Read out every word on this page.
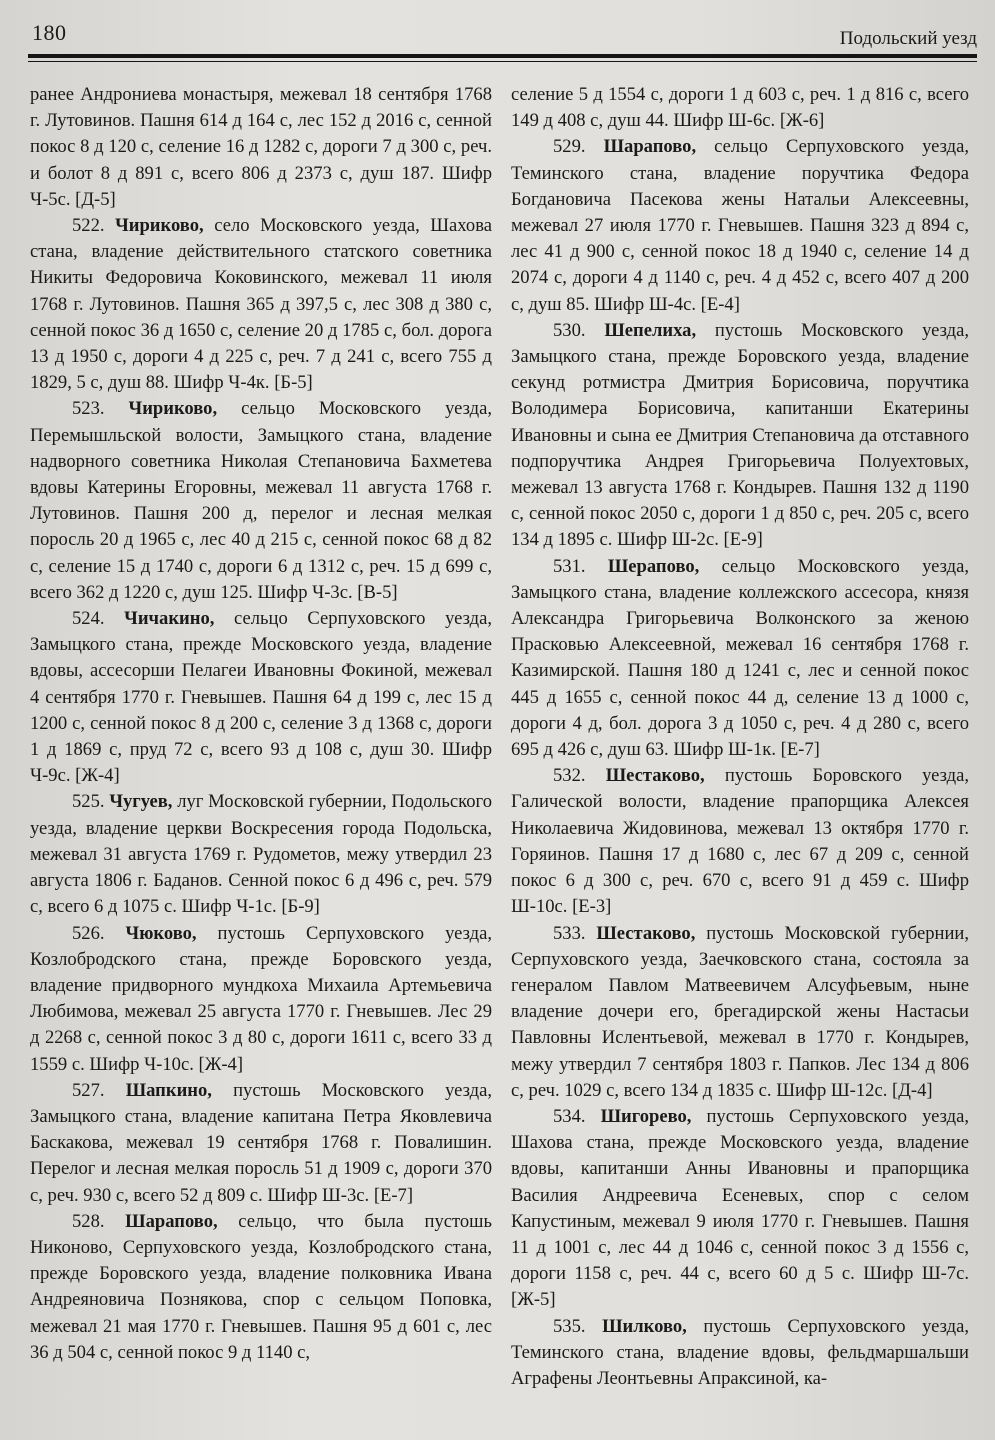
180	Подольский уезд

ранее Андрониева монастыря, межевал 18 сентября 1768 г. Лутовинов. Пашня 614 д 164 с, лес 152 д 2016 с, сенной покос 8 д 120 с, селение 16 д 1282 с, дороги 7 д 300 с, реч. и болот 8 д 891 с, всего 806 д 2373 с, душ 187. Шифр Ч-5с. [Д-5]

522. Чириково, село Московского уезда, Шахова стана, владение действительного статского советника Никиты Федоровича Коковинского, межевал 11 июля 1768 г. Лутовинов. Пашня 365 д 397,5 с, лес 308 д 380 с, сенной покос 36 д 1650 с, селение 20 д 1785 с, бол. дорога 13 д 1950 с, дороги 4 д 225 с, реч. 7 д 241 с, всего 755 д 1829, 5 с, душ 88. Шифр Ч-4к. [Б-5]

523. Чириково, сельцо Московского уезда, Перемышльской волости, Замыцкого стана, владение надворного советника Николая Степановича Бахметева вдовы Катерины Егоровны, межевал 11 августа 1768 г. Лутовинов. Пашня 200 д, перелог и лесная мелкая поросль 20 д 1965 с, лес 40 д 215 с, сенной покос 68 д 82 с, селение 15 д 1740 с, дороги 6 д 1312 с, реч. 15 д 699 с, всего 362 д 1220 с, душ 125. Шифр Ч-3с. [В-5]

524. Чичакино, сельцо Серпуховского уезда, Замыцкого стана, прежде Московского уезда, владение вдовы, ассесорши Пелагеи Ивановны Фокиной, межевал 4 сентября 1770 г. Гневышев. Пашня 64 д 199 с, лес 15 д 1200 с, сенной покос 8 д 200 с, селение 3 д 1368 с, дороги 1 д 1869 с, пруд 72 с, всего 93 д 108 с, душ 30. Шифр Ч-9с. [Ж-4]

525. Чугуев, луг Московской губернии, Подольского уезда, владение церкви Воскресения города Подольска, межевал 31 августа 1769 г. Рудометов, межу утвердил 23 августа 1806 г. Баданов. Сенной покос 6 д 496 с, реч. 579 с, всего 6 д 1075 с. Шифр Ч-1с. [Б-9]

526. Чюково, пустошь Серпуховского уезда, Козлобродского стана, прежде Боровского уезда, владение придворного мундкоха Михаила Артемьевича Любимова, межевал 25 августа 1770 г. Гневышев. Лес 29 д 2268 с, сенной покос 3 д 80 с, дороги 1611 с, всего 33 д 1559 с. Шифр Ч-10с. [Ж-4]

527. Шапкино, пустошь Московского уезда, Замыцкого стана, владение капитана Петра Яковлевича Баскакова, межевал 19 сентября 1768 г. Повалишин. Перелог и лесная мелкая поросль 51 д 1909 с, дороги 370 с, реч. 930 с, всего 52 д 809 с. Шифр Ш-3с. [Е-7]

528. Шарапово, сельцо, что была пустошь Никоново, Серпуховского уезда, Козлобродского стана, прежде Боровского уезда, владение полковника Ивана Андреяновича Познякова, спор с сельцом Поповка, межевал 21 мая 1770 г. Гневышев. Пашня 95 д 601 с, лес 36 д 504 с, сенной покос 9 д 1140 с,

селение 5 д 1554 с, дороги 1 д 603 с, реч. 1 д 816 с, всего 149 д 408 с, душ 44. Шифр Ш-6с. [Ж-6]

529. Шарапово, сельцо Серпуховского уезда, Теминского стана, владение поручтика Федора Богдановича Пасекова жены Натальи Алексеевны, межевал 27 июля 1770 г. Гневышев. Пашня 323 д 894 с, лес 41 д 900 с, сенной покос 18 д 1940 с, селение 14 д 2074 с, дороги 4 д 1140 с, реч. 4 д 452 с, всего 407 д 200 с, душ 85. Шифр Ш-4с. [Е-4]

530. Шепелиха, пустошь Московского уезда, Замыцкого стана, прежде Боровского уезда, владение секунд ротмистра Дмитрия Борисовича, поручтика Володимера Борисовича, капитанши Екатерины Ивановны и сына ее Дмитрия Степановича да отставного подпоручтика Андрея Григорьевича Полуехтовых, межевал 13 августа 1768 г. Кондырев. Пашня 132 д 1190 с, сенной покос 2050 с, дороги 1 д 850 с, реч. 205 с, всего 134 д 1895 с. Шифр Ш-2с. [Е-9]

531. Шерапово, сельцо Московского уезда, Замыцкого стана, владение коллежского ассесора, князя Александра Григорьевича Волконского за женою Прасковью Алексеевной, межевал 16 сентября 1768 г. Казимирской. Пашня 180 д 1241 с, лес и сенной покос 445 д 1655 с, сенной покос 44 д, селение 13 д 1000 с, дороги 4 д, бол. дорога 3 д 1050 с, реч. 4 д 280 с, всего 695 д 426 с, душ 63. Шифр Ш-1к. [Е-7]

532. Шестаково, пустошь Боровского уезда, Галической волости, владение прапорщика Алексея Николаевича Жидовинова, межевал 13 октября 1770 г. Горяинов. Пашня 17 д 1680 с, лес 67 д 209 с, сенной покос 6 д 300 с, реч. 670 с, всего 91 д 459 с. Шифр Ш-10с. [Е-3]

533. Шестаково, пустошь Московской губернии, Серпуховского уезда, Заечковского стана, состояла за генералом Павлом Матвеевичем Алсуфьевым, ныне владение дочери его, брегадирской жены Настасьи Павловны Ислентьевой, межевал в 1770 г. Кондырев, межу утвердил 7 сентября 1803 г. Папков. Лес 134 д 806 с, реч. 1029 с, всего 134 д 1835 с. Шифр Ш-12с. [Д-4]

534. Шигорево, пустошь Серпуховского уезда, Шахова стана, прежде Московского уезда, владение вдовы, капитанши Анны Ивановны и прапорщика Василия Андреевича Есеневых, спор с селом Капустиным, межевал 9 июля 1770 г. Гневышев. Пашня 11 д 1001 с, лес 44 д 1046 с, сенной покос 3 д 1556 с, дороги 1158 с, реч. 44 с, всего 60 д 5 с. Шифр Ш-7с. [Ж-5]

535. Шилково, пустошь Серпуховского уезда, Теминского стана, владение вдовы, фельдмаршальши Аграфены Леонтьевны Апраксиной, ка-
